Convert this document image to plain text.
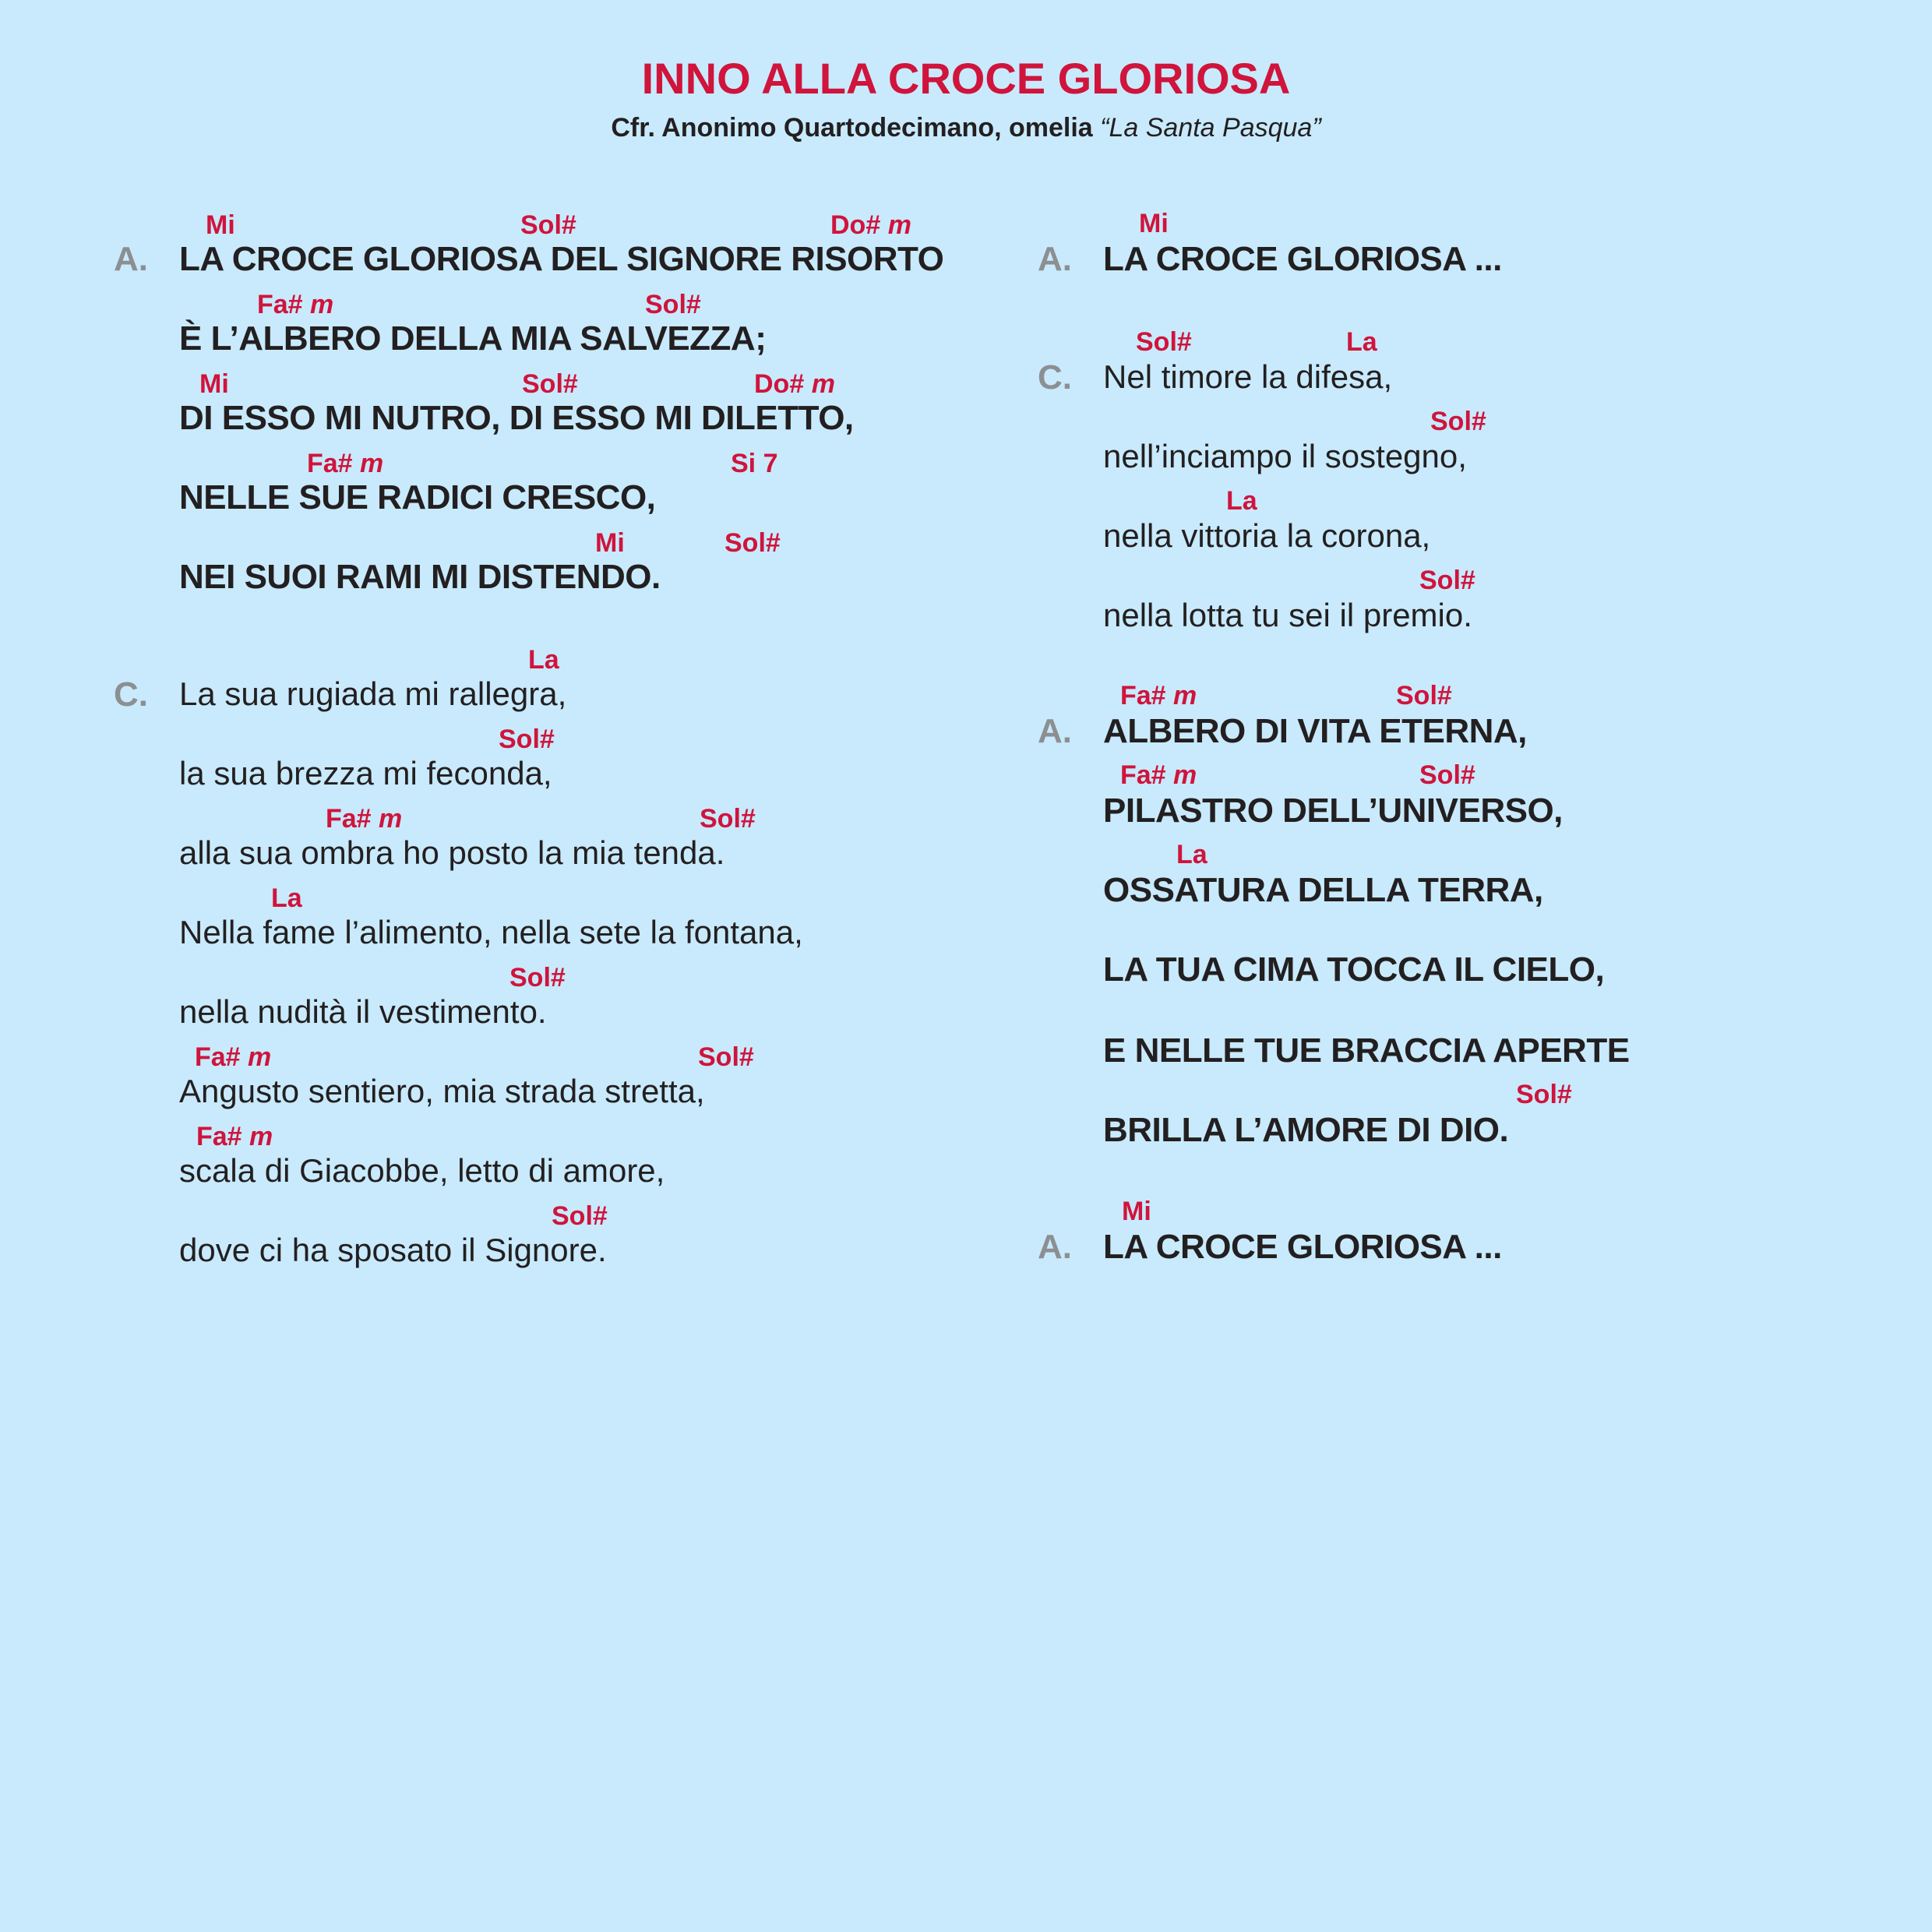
INNO ALLA CROCE GLORIOSA
Cfr. Anonimo Quartodecimano, omelia “La Santa Pasqua”
A.
Mi	Sol#	Do# m
LA CROCE GLORIOSA DEL SIGNORE RISORTO
Fa# m	Sol#
È L’ALBERO DELLA MIA SALVEZZA;
Mi	Sol#	Do# m
DI ESSO MI NUTRO, DI ESSO MI DILETTO,
Fa# m	Si 7
NELLE SUE RADICI CRESCO,
Mi	Sol#
NEI SUOI RAMI MI DISTENDO.
C.
La
La sua rugiada mi rallegra,
Sol#
la sua brezza mi feconda,
Fa# m	Sol#
alla sua ombra ho posto la mia tenda.
La
Nella fame l’alimento, nella sete la fontana,
Sol#
nella nudità il vestimento.
Fa# m	Sol#
Angusto sentiero, mia strada stretta,
Fa# m
scala di Giacobbe, letto di amore,
Sol#
dove ci ha sposato il Signore.
A.
Mi
LA CROCE GLORIOSA ...
C.
Sol#	La
Nel timore la difesa,
Sol#
nell’inciampo il sostegno,
La
nella vittoria la corona,
Sol#
nella lotta tu sei il premio.
A.
Fa# m	Sol#
ALBERO DI VITA ETERNA,
Fa# m	Sol#
PILASTRO DELL’UNIVERSO,
La
OSSATURA DELLA TERRA,
LA TUA CIMA TOCCA IL CIELO,
E NELLE TUE BRACCIA APERTE
Sol#
BRILLA L’AMORE DI DIO.
A.
Mi
LA CROCE GLORIOSA ...
